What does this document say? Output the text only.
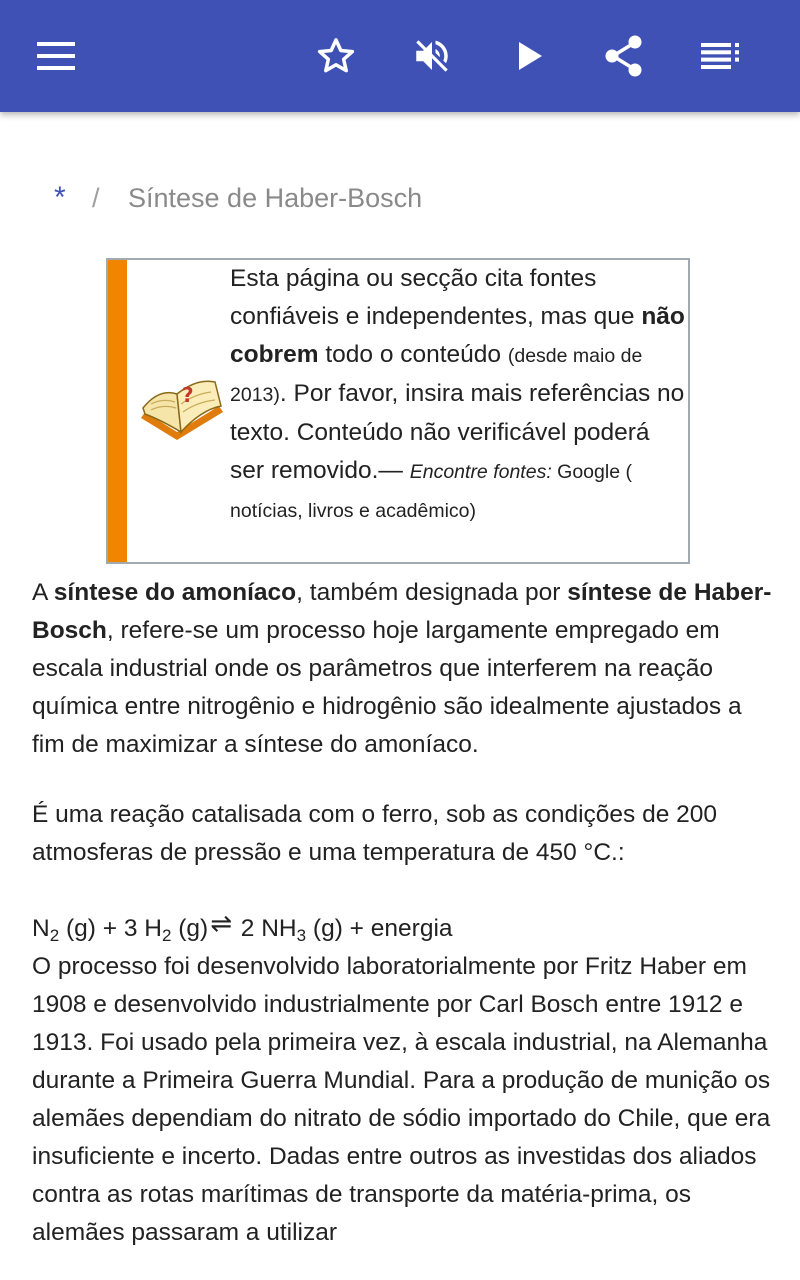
* / Síntese de Haber-Bosch
?
Esta página ou secção cita fontes confiáveis e independentes, mas que não cobrem todo o conteúdo (desde maio de 2013). Por favor, insira mais referências no texto. Conteúdo não verificável poderá ser removido.— Encontre fontes: Google ( notícias, livros e acadêmico)

A síntese do amoníaco, também designada por síntese de Haber-Bosch, refere-se um processo hoje largamente empregado em escala industrial onde os parâmetros que interferem na reação química entre nitrogênio e hidrogênio são idealmente ajustados a fim de maximizar a síntese do amoníaco.

É uma reação catalisada com o ferro, sob as condições de 200 atmosferas de pressão e uma temperatura de 450 °C.:

$N_2$ (g) + 3 $H_2$ (g)⇌ 2 $NH_3$ (g) + energia

O processo foi desenvolvido laboratorialmente por Fritz Haber em 1908 e desenvolvido industrialmente por Carl Bosch entre 1912 e 1913. Foi usado pela primeira vez, à escala industrial, na Alemanha durante a Primeira Guerra Mundial. Para a produção de munição os alemães dependiam do nitrato de sódio importado do Chile, que era insuficiente e incerto. Dadas entre outros as investidas dos aliados contra as rotas marítimas de transporte da matéria-prima, os alemães passaram a utilizar
